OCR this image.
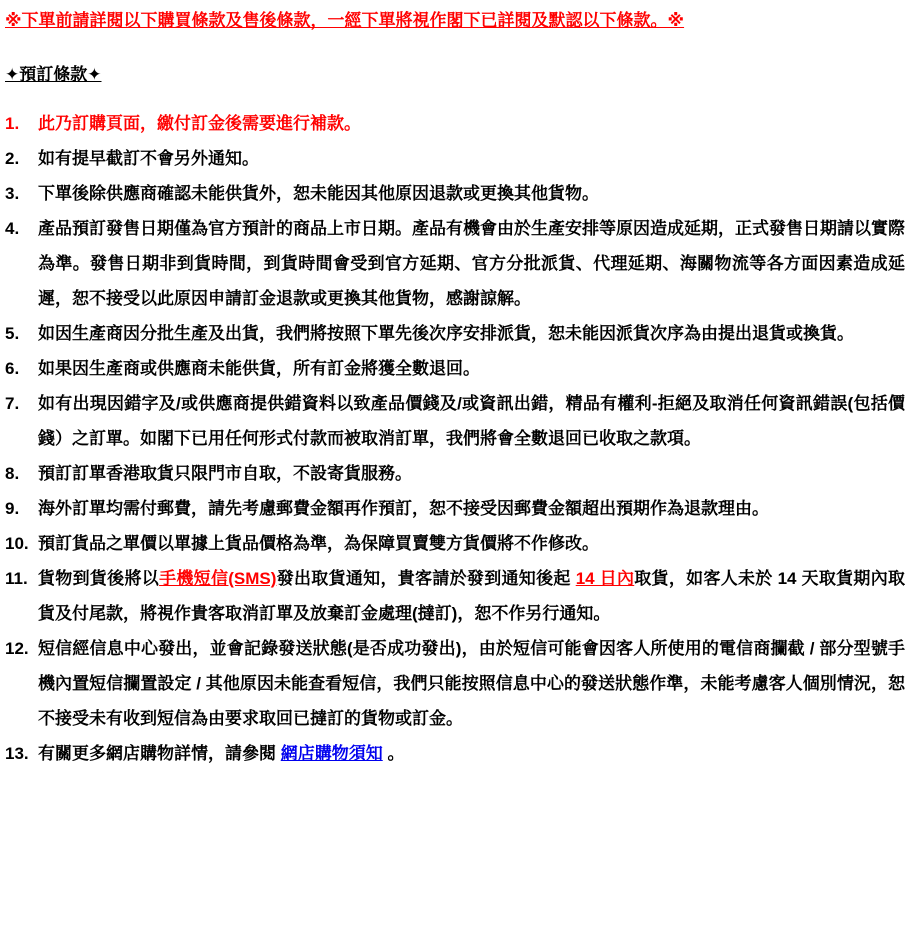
※下單前請詳閱以下購買條款及售後條款，一經下單將視作閣下已詳閱及默認以下條款。※
✦預訂條款✦
1.	此乃訂購頁面，繳付訂金後需要進行補款。
2.	如有提早截訂不會另外通知。
3.	下單後除供應商確認未能供貨外，恕未能因其他原因退款或更換其他貨物。
4.	產品預訂發售日期僅為官方預計的商品上市日期。產品有機會由於生產安排等原因造成延期，正式發售日期請以實際為準。發售日期非到貨時間，到貨時間會受到官方延期、官方分批派貨、代理延期、海關物流等各方面因素造成延遲，恕不接受以此原因申請訂金退款或更換其他貨物，感謝諒解。
5.	如因生產商因分批生產及出貨，我們將按照下單先後次序安排派貨，恕未能因派貨次序為由提出退貨或換貨。
6.	如果因生產商或供應商未能供貨，所有訂金將獲全數退回。
7.	如有出現因錯字及/或供應商提供錯資料以致產品價錢及/或資訊出錯，精品有權利-拒絕及取消任何資訊錯誤(包括價錢）之訂單。如閣下已用任何形式付款而被取消訂單，我們將會全數退回已收取之款項。
8.	預訂訂單香港取貨只限門市自取，不設寄貨服務。
9.	海外訂單均需付郵費，請先考慮郵費金額再作預訂，恕不接受因郵費金額超出預期作為退款理由。
10. 預訂貨品之單價以單據上貨品價格為準，為保障買賣雙方貨價將不作修改。
11. 貨物到貨後將以手機短信(SMS)發出取貨通知，貴客請於發到通知後起 14 日內取貨，如客人未於 14 天取貨期內取貨及付尾款，將視作貴客取消訂單及放棄訂金處理(撻訂)，恕不作另行通知。
12. 短信經信息中心發出，並會記錄發送狀態(是否成功發出)，由於短信可能會因客人所使用的電信商攔截 / 部分型號手機內置短信攔置設定 / 其他原因未能查看短信，我們只能按照信息中心的發送狀態作準，未能考慮客人個別情況，恕不接受未有收到短信為由要求取回已撻訂的貨物或訂金。
13. 有關更多網店購物詳情，請參閱 網店購物須知 。
